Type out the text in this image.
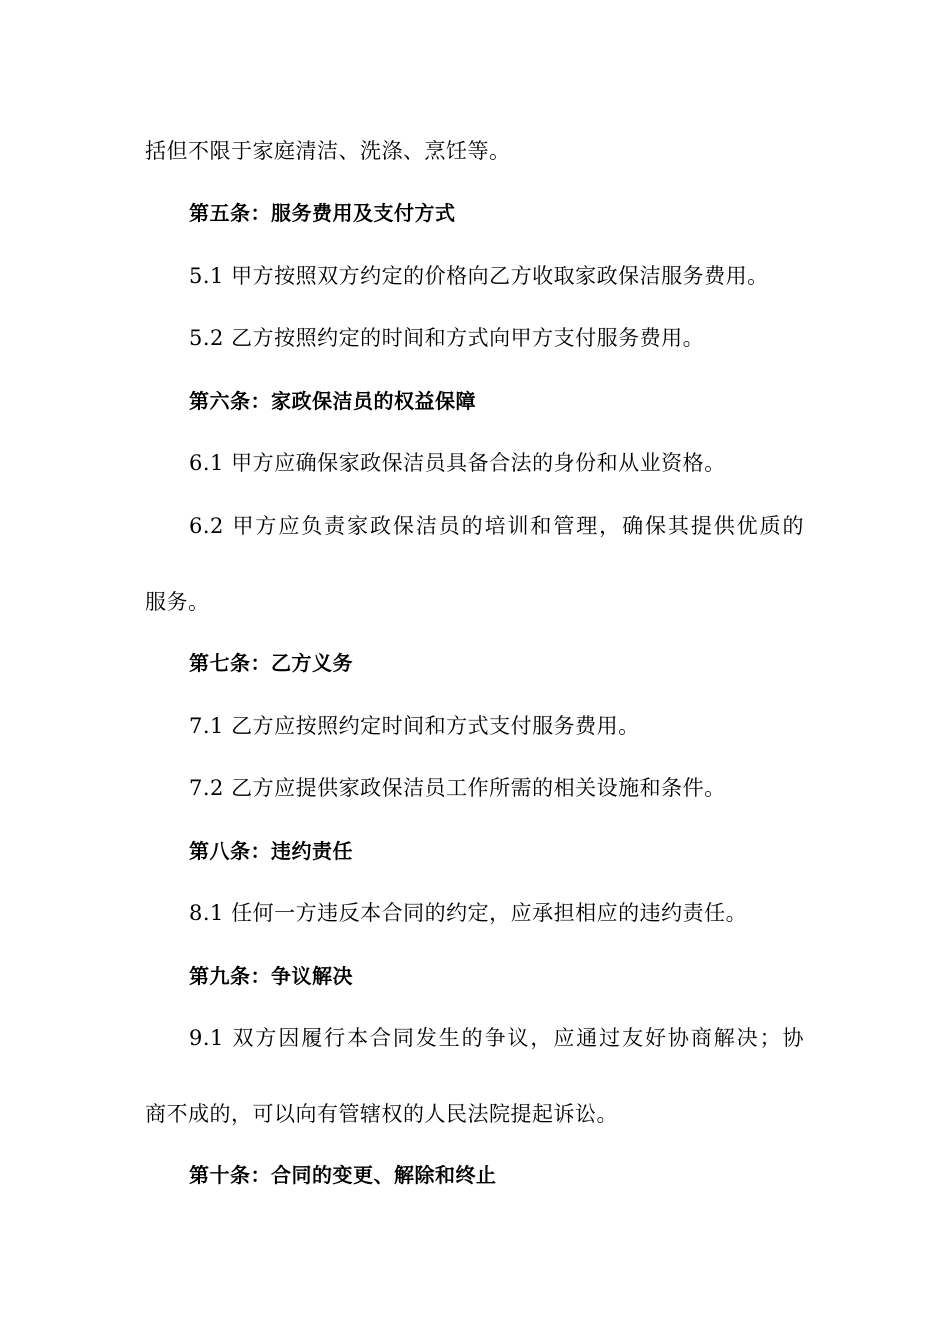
括但不限于家庭清洁、洗涤、烹饪等。
第五条：服务费用及支付方式
5.1 甲方按照双方约定的价格向乙方收取家政保洁服务费用。
5.2 乙方按照约定的时间和方式向甲方支付服务费用。
第六条：家政保洁员的权益保障
6.1 甲方应确保家政保洁员具备合法的身份和从业资格。
6.2 甲方应负责家政保洁员的培训和管理，确保其提供优质的
服务。
第七条：乙方义务
7.1 乙方应按照约定时间和方式支付服务费用。
7.2 乙方应提供家政保洁员工作所需的相关设施和条件。
第八条：违约责任
8.1 任何一方违反本合同的约定，应承担相应的违约责任。
第九条：争议解决
9.1 双方因履行本合同发生的争议，应通过友好协商解决；协
商不成的，可以向有管辖权的人民法院提起诉讼。
第十条：合同的变更、解除和终止
